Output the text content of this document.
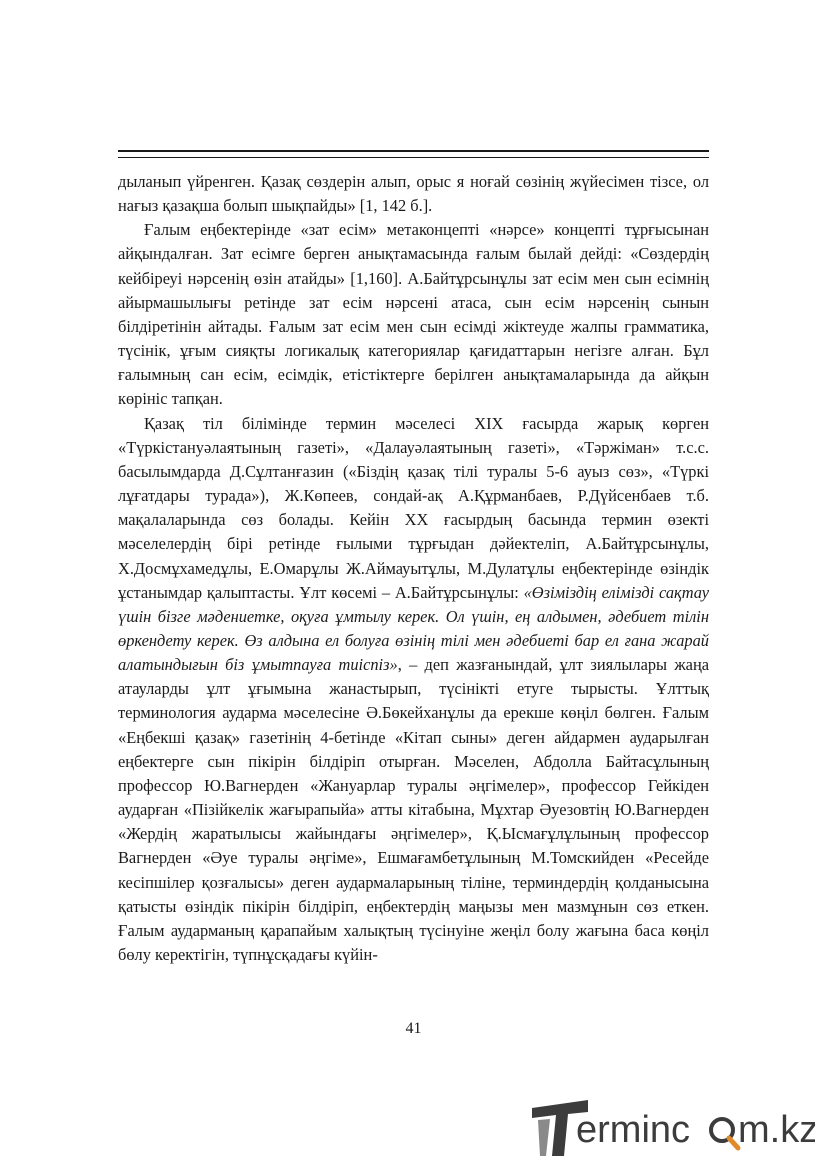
дыланып үйренген. Қазақ сөздерін алып, орыс я ноғай сөзінің жүйесімен тізсе, ол нағыз қазақша болып шықпайды» [1, 142 б.].

Ғалым еңбектерінде «зат есім» метаконцепті «нәрсе» концепті тұрғысынан айқындалған. Зат есімге берген анықтамасында ғалым былай дейді: «Сөздердің кейбіреуі нәрсенің өзін атайды» [1,160]. А.Байтұрсынұлы зат есім мен сын есімнің айырмашылығы ретінде зат есім нәрсені атаса, сын есім нәрсенің сынын білдіретінін айтады. Ғалым зат есім мен сын есімді жіктеуде жалпы грамматика, түсінік, ұғым сияқты логикалық категориялар қағидаттарын негізге алған. Бұл ғалымның сан есім, есімдік, етістіктерге берілген анықтамаларында да айқын көрініс тапқан.

Қазақ тіл білімінде термин мәселесі XIX ғасырда жарық көрген «Түркістануәлаятының газеті», «Далауәлаятының газеті», «Тәржіман» т.с.с. басылымдарда Д.Сұлтанғазин («Біздің қазақ тілі туралы 5-6 ауыз сөз», «Түркі лұғатдары турада»), Ж.Көпеев, сондай-ақ А.Құрманбаев, Р.Дүйсенбаев т.б. мақалаларында сөз болады. Кейін XX ғасырдың басында термин өзекті мәселелердің бірі ретінде ғылыми тұрғыдан дәйектеліп, А.Байтұрсынұлы, Х.Досмұхамедұлы, Е.Омарұлы Ж.Аймауытұлы, М.Дулатұлы еңбектерінде өзіндік ұстанымдар қалыптасты. Ұлт көсемі – А.Байтұрсынұлы: «Өзіміздің елімізді сақтау үшін бізге мәдениетке, оқуға ұмтылу керек. Ол үшін, ең алдымен, әдебиет тілін өркендету керек. Өз алдына ел болуға өзінің тілі мен әдебиеті бар ел ғана жарай алатындығын біз ұмытпауға тиіспіз», – деп жазғанындай, ұлт зиялылары жаңа атауларды ұлт ұғымына жанастырып, түсінікті етуге тырысты. Ұлттық терминология аударма мәселесіне Ә.Бөкейханұлы да ерекше көңіл бөлген. Ғалым «Еңбекші қазақ» газетінің 4-бетінде «Кітап сыны» деген айдармен аударылған еңбектерге сын пікірін білдіріп отырған. Мәселен, Абдолла Байтасұлының профессор Ю.Вагнерден «Жануарлар туралы әңгімелер», профессор Гейкіден аударған «Пізійкелік жағырапыйа» атты кітабына, Мұхтар Әуезовтің Ю.Вагнерден «Жердің жаратылысы жайындағы әңгімелер», Қ.Ысмағұлұлының профессор Вагнерден «Әуе туралы әңгіме», Ешмағамбетұлының М.Томскийден «Ресейде кесіпшілер қозғалысы» деген аудармаларының тіліне, терминдердің қолданысына қатысты өзіндік пікірін білдіріп, еңбектердің маңызы мен мазмұнын сөз еткен. Ғалым аударманың қарапайым халықтың түсінуіне жеңіл болу жағына баса көңіл бөлу керектігін, түпнұсқадағы күйін-

41
erminc m.kz
